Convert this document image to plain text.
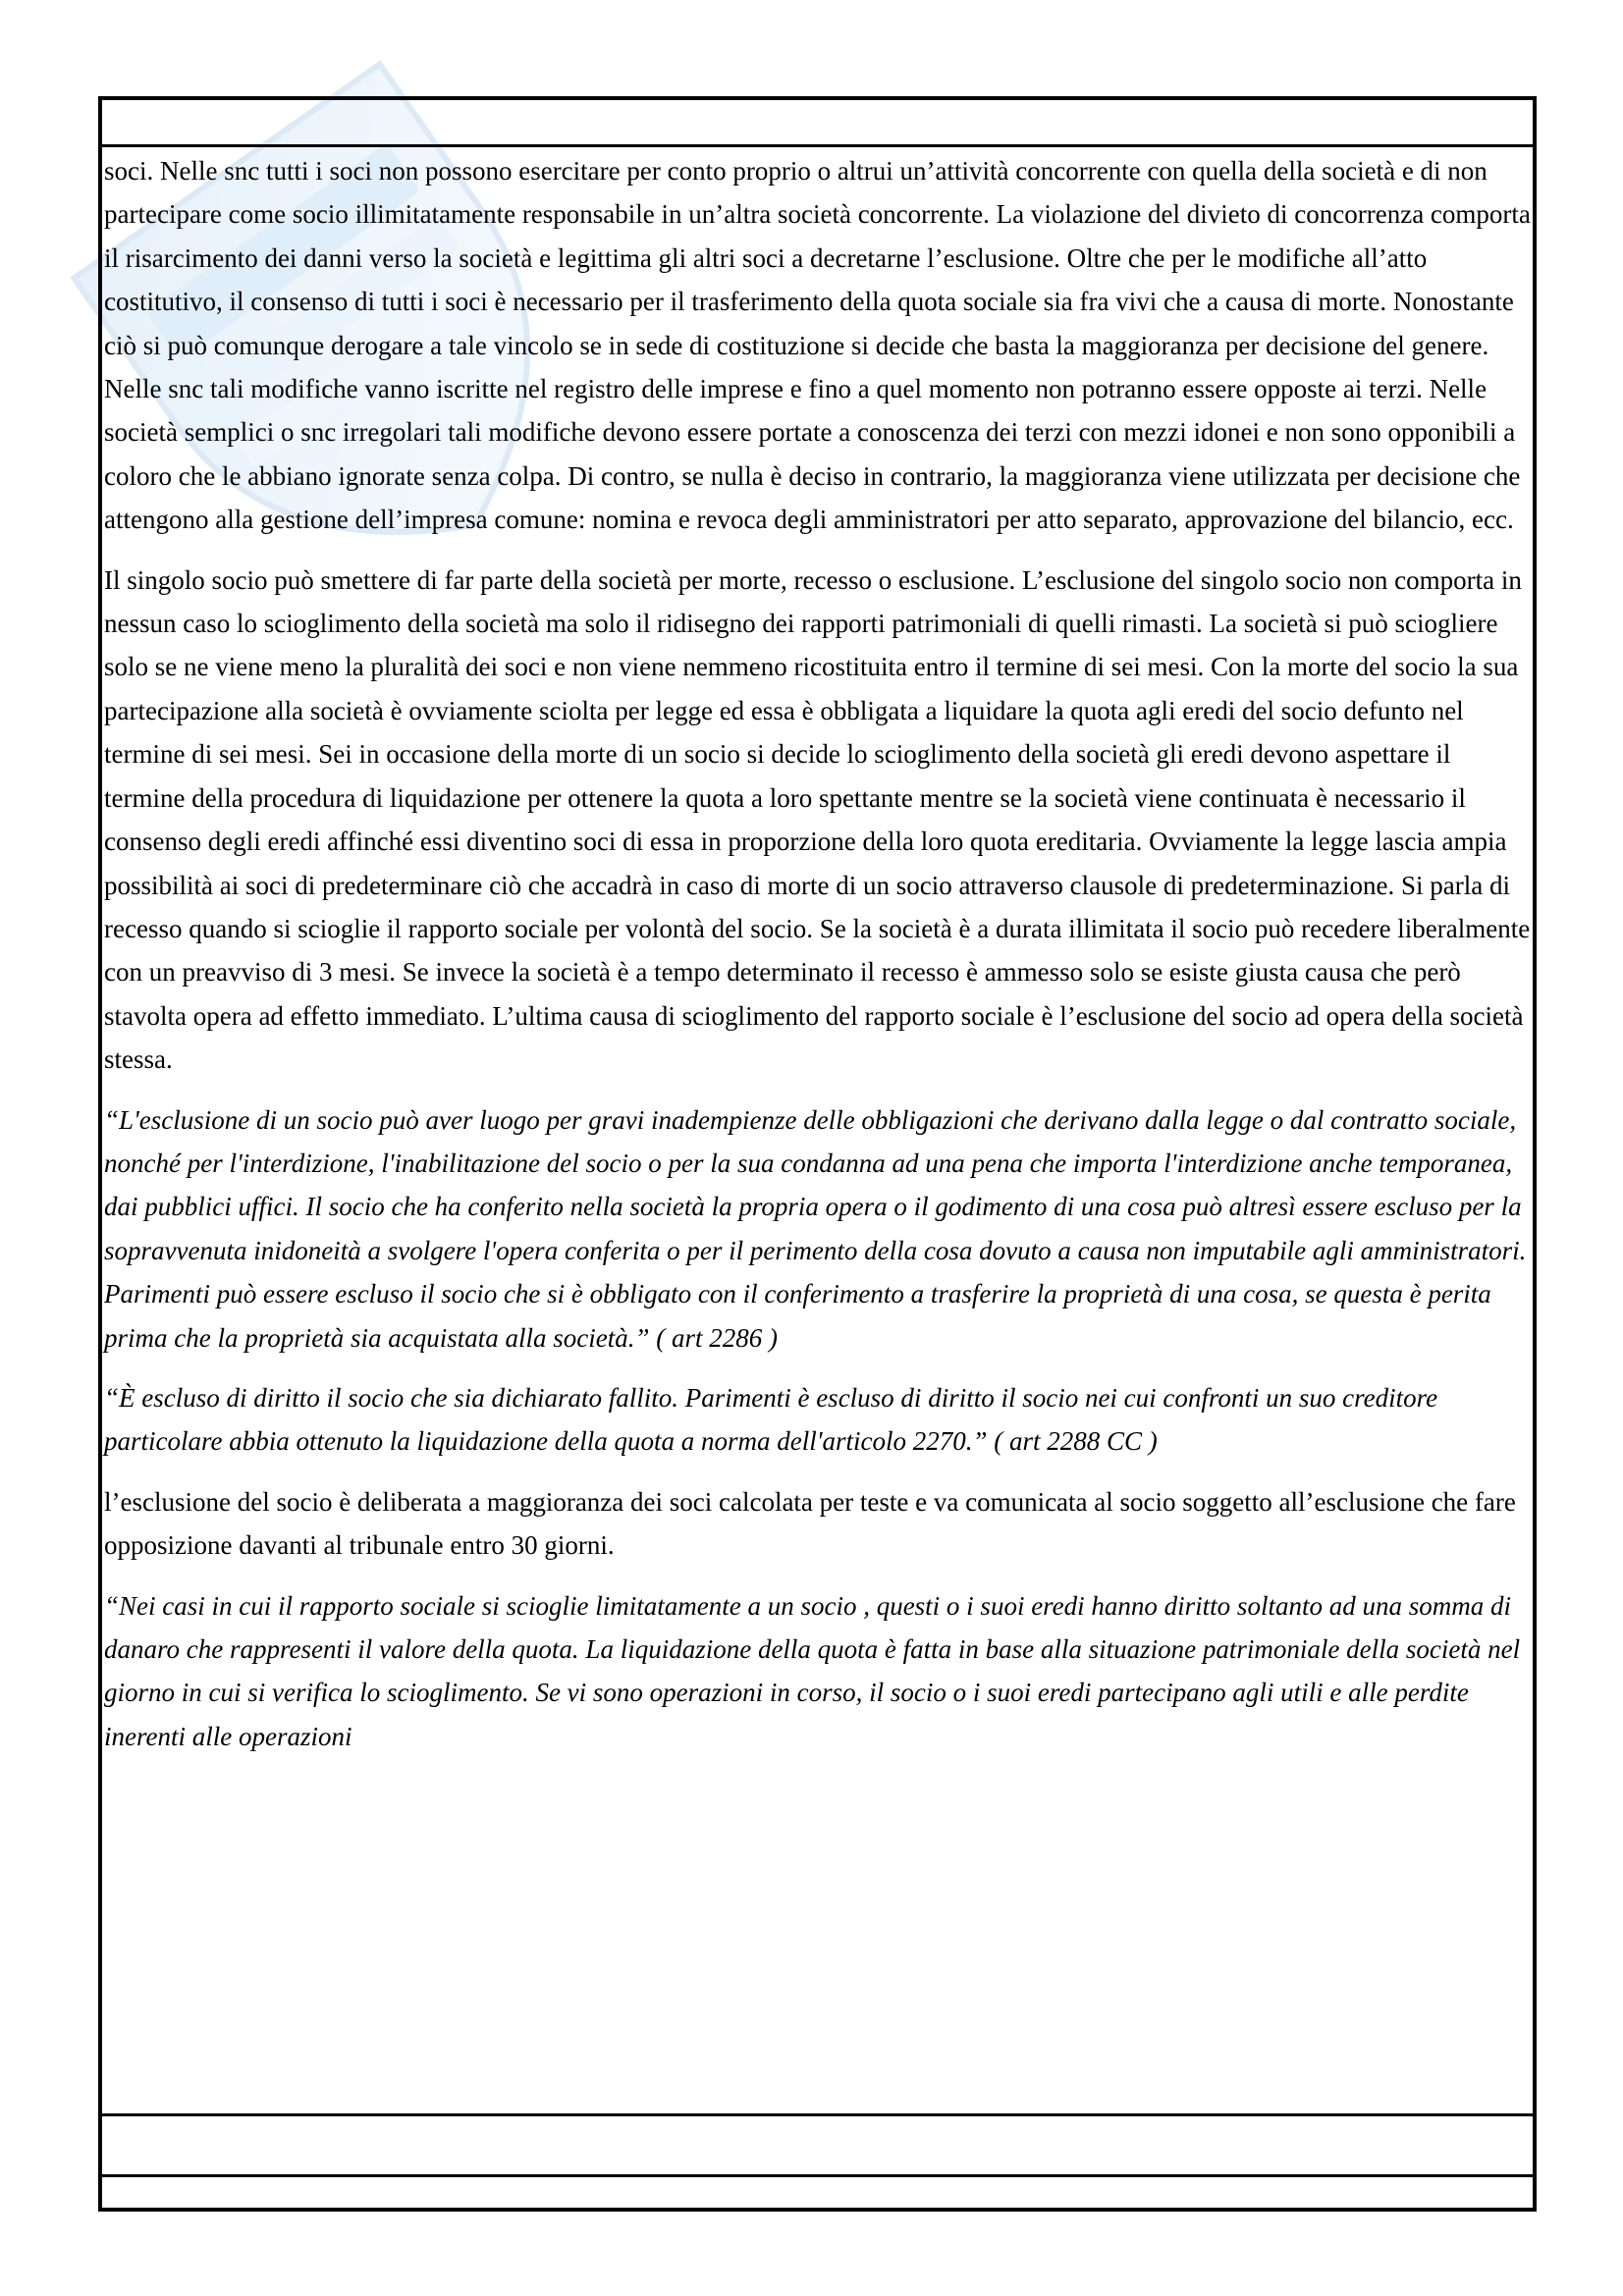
soci. Nelle snc tutti i soci non possono esercitare per conto proprio o altrui un’attività concorrente con quella della società e di non partecipare come socio illimitatamente responsabile in un’altra società concorrente. La violazione del divieto di concorrenza comporta il risarcimento dei danni verso la società e legittima gli altri soci a decretarne l’esclusione. Oltre che per le modifiche all’atto costitutivo, il consenso di tutti i soci è necessario per il trasferimento della quota sociale sia fra vivi che a causa di morte. Nonostante ciò si può comunque derogare a tale vincolo se in sede di costituzione si decide che basta la maggioranza per decisione del genere. Nelle snc tali modifiche vanno iscritte nel registro delle imprese e fino a quel momento non potranno essere opposte ai terzi. Nelle società semplici o snc irregolari tali modifiche devono essere portate a conoscenza dei terzi con mezzi idonei e non sono opponibili a coloro che le abbiano ignorate senza colpa. Di contro, se nulla è deciso in contrario, la maggioranza viene utilizzata per decisione che attengono alla gestione dell’impresa comune: nomina e revoca degli amministratori per atto separato, approvazione del bilancio, ecc.

Il singolo socio può smettere di far parte della società per morte, recesso o esclusione. L’esclusione del singolo socio non comporta in nessun caso lo scioglimento della società ma solo il ridisegno dei rapporti patrimoniali di quelli rimasti. La società si può sciogliere solo se ne viene meno la pluralità dei soci e non viene nemmeno ricostituita entro il termine di sei mesi. Con la morte del socio la sua partecipazione alla società è ovviamente sciolta per legge ed essa è obbligata a liquidare la quota agli eredi del socio defunto nel termine di sei mesi. Sei in occasione della morte di un socio si decide lo scioglimento della società gli eredi devono aspettare il termine della procedura di liquidazione per ottenere la quota a loro spettante mentre se la società viene continuata è necessario il consenso degli eredi affinché essi diventino soci di essa in proporzione della loro quota ereditaria. Ovviamente la legge lascia ampia possibilità ai soci di predeterminare ciò che accadrà in caso di morte di un socio attraverso clausole di predeterminazione. Si parla di recesso quando si scioglie il rapporto sociale per volontà del socio. Se la società è a durata illimitata il socio può recedere liberalmente con un preavviso di 3 mesi. Se invece la società è a tempo determinato il recesso è ammesso solo se esiste giusta causa che però stavolta opera ad effetto immediato. L’ultima causa di scioglimento del rapporto sociale è l’esclusione del socio ad opera della società stessa.

“L'esclusione di un socio può aver luogo per gravi inadempienze delle obbligazioni che derivano dalla legge o dal contratto sociale, nonché per l'interdizione, l'inabilitazione del socio o per la sua condanna ad una pena che importa l'interdizione anche temporanea, dai pubblici uffici. Il socio che ha conferito nella società la propria opera o il godimento di una cosa può altresì essere escluso per la sopravvenuta inidoneità a svolgere l'opera conferita o per il perimento della cosa dovuto a causa non imputabile agli amministratori. Parimenti può essere escluso il socio che si è obbligato con il conferimento a trasferire la proprietà di una cosa, se questa è perita prima che la proprietà sia acquistata alla società.” ( art 2286 )

“È escluso di diritto il socio che sia dichiarato fallito. Parimenti è escluso di diritto il socio nei cui confronti un suo creditore particolare abbia ottenuto la liquidazione della quota a norma dell'articolo 2270.” ( art 2288 CC )

l’esclusione del socio è deliberata a maggioranza dei soci calcolata per teste e va comunicata al socio soggetto all’esclusione che fare opposizione davanti al tribunale entro 30 giorni.

“Nei casi in cui il rapporto sociale si scioglie limitatamente a un socio , questi o i suoi eredi hanno diritto soltanto ad una somma di danaro che rappresenti il valore della quota. La liquidazione della quota è fatta in base alla situazione patrimoniale della società nel giorno in cui si verifica lo scioglimento. Se vi sono operazioni in corso, il socio o i suoi eredi partecipano agli utili e alle perdite inerenti alle operazioni
